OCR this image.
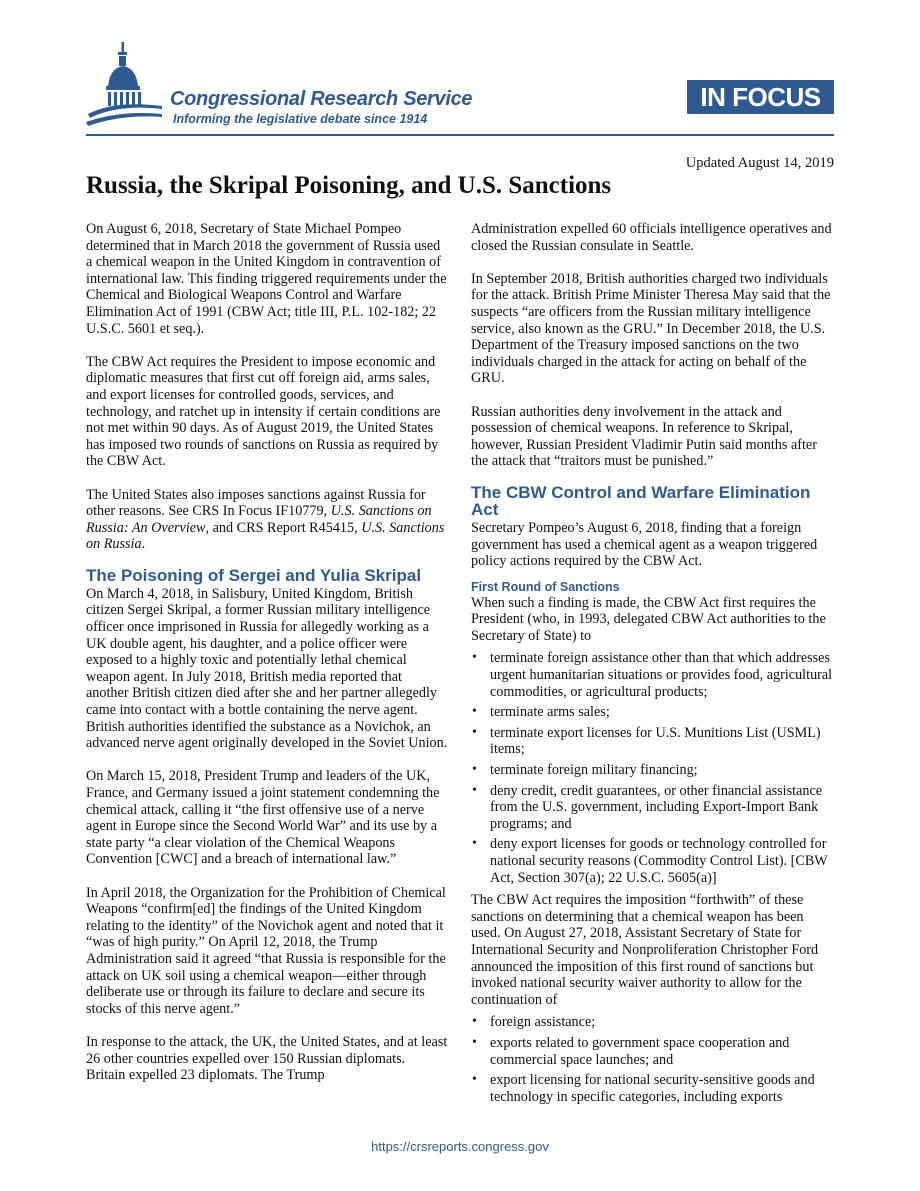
Congressional Research Service
Informing the legislative debate since 1914
IN FOCUS
Updated August 14, 2019
Russia, the Skripal Poisoning, and U.S. Sanctions

On August 6, 2018, Secretary of State Michael Pompeo determined that in March 2018 the government of Russia used a chemical weapon in the United Kingdom in contravention of international law. This finding triggered requirements under the Chemical and Biological Weapons Control and Warfare Elimination Act of 1991 (CBW Act; title III, P.L. 102-182; 22 U.S.C. 5601 et seq.).

The CBW Act requires the President to impose economic and diplomatic measures that first cut off foreign aid, arms sales, and export licenses for controlled goods, services, and technology, and ratchet up in intensity if certain conditions are not met within 90 days. As of August 2019, the United States has imposed two rounds of sanctions on Russia as required by the CBW Act.

The United States also imposes sanctions against Russia for other reasons. See CRS In Focus IF10779, U.S. Sanctions on Russia: An Overview, and CRS Report R45415, U.S. Sanctions on Russia.

The Poisoning of Sergei and Yulia Skripal

On March 4, 2018, in Salisbury, United Kingdom, British citizen Sergei Skripal, a former Russian military intelligence officer once imprisoned in Russia for allegedly working as a UK double agent, his daughter, and a police officer were exposed to a highly toxic and potentially lethal chemical weapon agent. In July 2018, British media reported that another British citizen died after she and her partner allegedly came into contact with a bottle containing the nerve agent. British authorities identified the substance as a Novichok, an advanced nerve agent originally developed in the Soviet Union.

On March 15, 2018, President Trump and leaders of the UK, France, and Germany issued a joint statement condemning the chemical attack, calling it “the first offensive use of a nerve agent in Europe since the Second World War” and its use by a state party “a clear violation of the Chemical Weapons Convention [CWC] and a breach of international law.”

In April 2018, the Organization for the Prohibition of Chemical Weapons “confirm[ed] the findings of the United Kingdom relating to the identity” of the Novichok agent and noted that it “was of high purity.” On April 12, 2018, the Trump Administration said it agreed “that Russia is responsible for the attack on UK soil using a chemical weapon—either through deliberate use or through its failure to declare and secure its stocks of this nerve agent.”

In response to the attack, the UK, the United States, and at least 26 other countries expelled over 150 Russian diplomats. Britain expelled 23 diplomats. The Trump

Administration expelled 60 officials intelligence operatives and closed the Russian consulate in Seattle.

In September 2018, British authorities charged two individuals for the attack. British Prime Minister Theresa May said that the suspects “are officers from the Russian military intelligence service, also known as the GRU.” In December 2018, the U.S. Department of the Treasury imposed sanctions on the two individuals charged in the attack for acting on behalf of the GRU.

Russian authorities deny involvement in the attack and possession of chemical weapons. In reference to Skripal, however, Russian President Vladimir Putin said months after the attack that “traitors must be punished.”

The CBW Control and Warfare Elimination Act

Secretary Pompeo’s August 6, 2018, finding that a foreign government has used a chemical agent as a weapon triggered policy actions required by the CBW Act.

First Round of Sanctions

When such a finding is made, the CBW Act first requires the President (who, in 1993, delegated CBW Act authorities to the Secretary of State) to

• terminate foreign assistance other than that which addresses urgent humanitarian situations or provides food, agricultural commodities, or agricultural products;
• terminate arms sales;
• terminate export licenses for U.S. Munitions List (USML) items;
• terminate foreign military financing;
• deny credit, credit guarantees, or other financial assistance from the U.S. government, including Export-Import Bank programs; and
• deny export licenses for goods or technology controlled for national security reasons (Commodity Control List). [CBW Act, Section 307(a); 22 U.S.C. 5605(a)]

The CBW Act requires the imposition “forthwith” of these sanctions on determining that a chemical weapon has been used. On August 27, 2018, Assistant Secretary of State for International Security and Nonproliferation Christopher Ford announced the imposition of this first round of sanctions but invoked national security waiver authority to allow for the continuation of

• foreign assistance;
• exports related to government space cooperation and commercial space launches; and
• export licensing for national security-sensitive goods and technology in specific categories, including exports
https://crsreports.congress.gov
